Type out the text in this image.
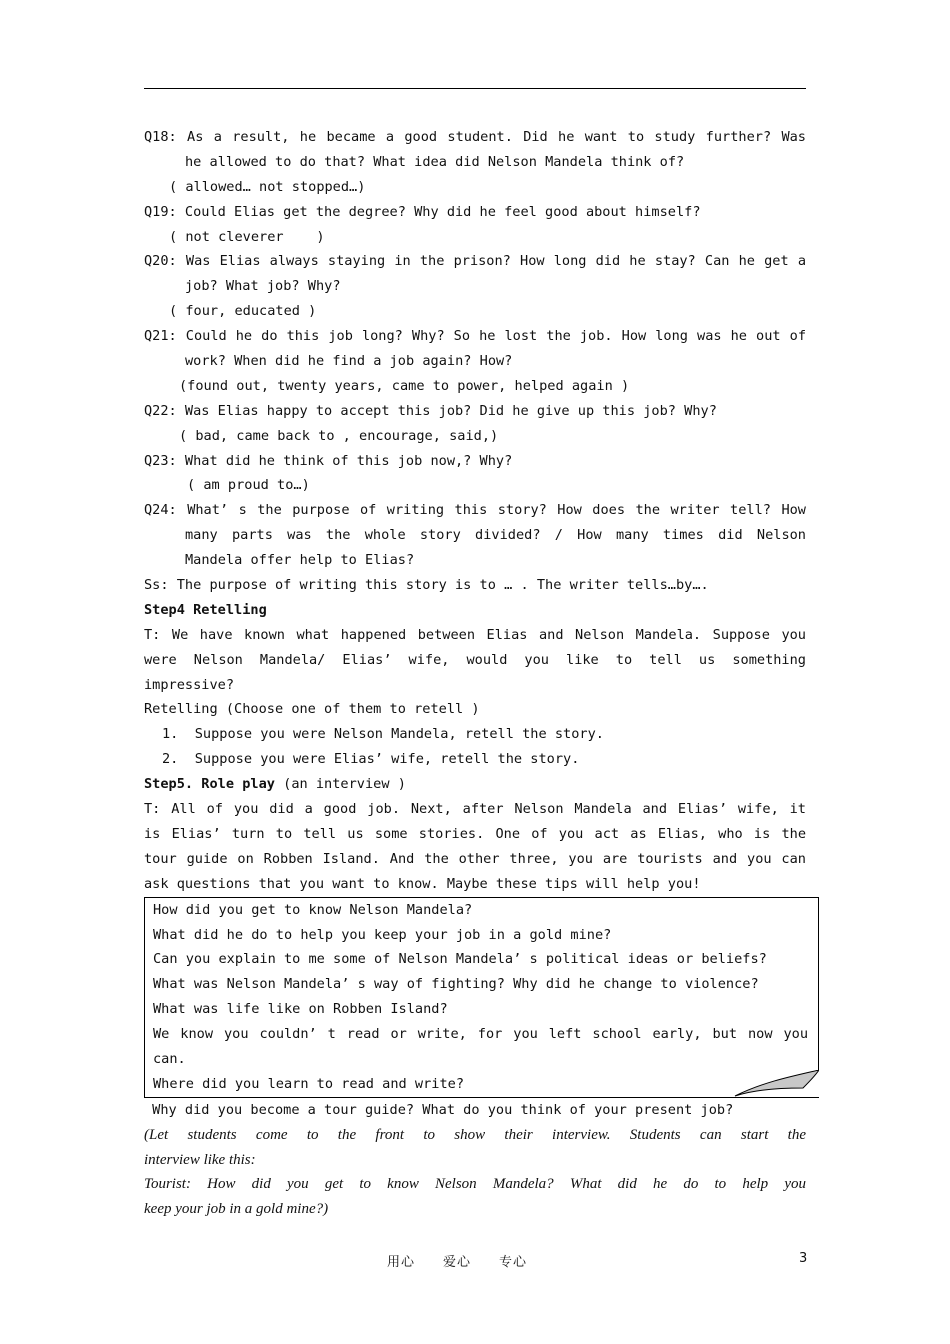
Q18: As a result, he became a good student. Did he want to study further? Was
he allowed to do that? What idea did Nelson Mandela think of?
( allowed… not stopped…)
Q19: Could Elias get the degree? Why did he feel good about himself?
( not cleverer    )
Q20: Was Elias always staying in the prison? How long did he stay? Can he get a
job? What job? Why?
( four, educated )
Q21: Could he do this job long? Why? So he lost the job. How long was he out of
work? When did he find a job again? How?
(found out, twenty years, came to power, helped again )
Q22: Was Elias happy to accept this job? Did he give up this job? Why?
( bad, came back to , encourage, said,)
Q23: What did he think of this job now,? Why?
( am proud to…)
Q24: What’ s the purpose of writing this story? How does the writer tell? How
many parts was the whole story divided? / How many times did Nelson
Mandela offer help to Elias?
Ss: The purpose of writing this story is to … . The writer tells…by….
Step4 Retelling
T: We have known what happened between Elias and Nelson Mandela. Suppose you
were Nelson Mandela/ Elias’ wife, would you like to tell us something
impressive?
Retelling (Choose one of them to retell )
1.  Suppose you were Nelson Mandela, retell the story.
2.  Suppose you were Elias’ wife, retell the story.
Step5. Role play (an interview )
T: All of you did a good job. Next, after Nelson Mandela and Elias’ wife, it
is Elias’ turn to tell us some stories. One of you act as Elias, who is the
tour guide on Robben Island. And the other three, you are tourists and you can
ask questions that you want to know. Maybe these tips will help you!
How did you get to know Nelson Mandela?
What did he do to help you keep your job in a gold mine?
Can you explain to me some of Nelson Mandela’ s political ideas or beliefs?
What was Nelson Mandela’ s way of fighting? Why did he change to violence?
What was life like on Robben Island?
We know you couldn’ t read or write, for you left school early, but now you
can.
Where did you learn to read and write?
Why did you become a tour guide? What do you think of your present job?
(Let students come to the front to show their interview. Students can start the
interview like this:
Tourist: How did you get to know Nelson Mandela? What did he do to help you
keep your job in a gold mine?)
用心　　爱心　　专心	3
